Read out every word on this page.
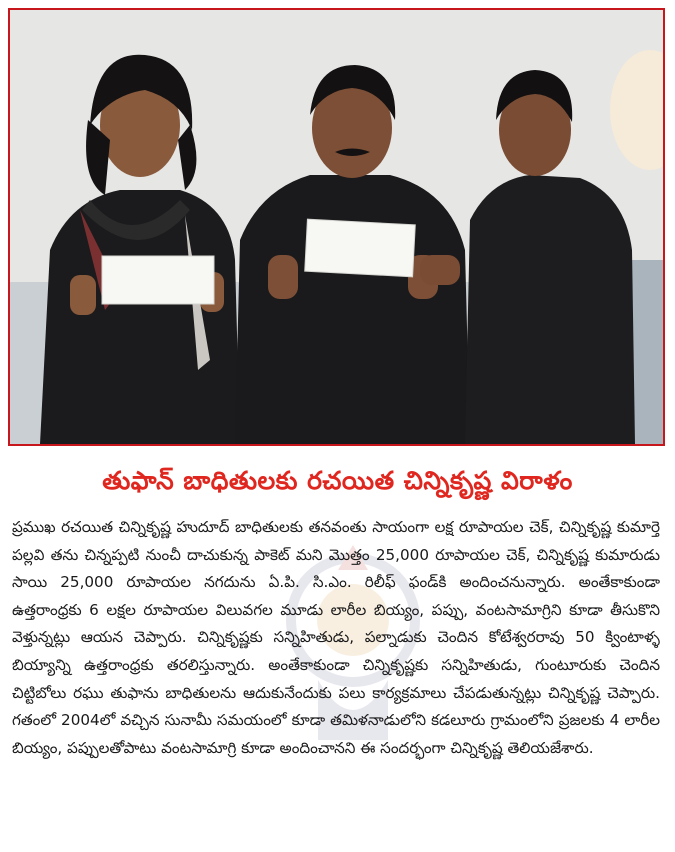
తుఫాన్ బాధితులకు రచయిత చిన్నికృష్ణ విరాళం

ప్రముఖ రచయిత చిన్నికృష్ణ హుదూద్ బాధితులకు తనవంతు సాయంగా లక్ష రూపాయల చెక్, చిన్నికృష్ణ కుమార్తె పల్లవి తను చిన్నప్పటి నుంచీ దాచుకున్న పాకెట్ మని మొత్తం 25,000 రూపాయల చెక్, చిన్నికృష్ణ కుమారుడు సాయి 25,000 రూపాయల నగదును ఏ.పి. సి.ఎం. రిలీఫ్ ఫండ్‌కి అందించనున్నారు. అంతేకాకుండా ఉత్తరాంధ్రకు 6 లక్షల రూపాయల విలువగల మూడు లారీల బియ్యం, పప్పు, వంటసామాగ్రిని కూడా తీసుకొని వెళ్తున్నట్లు ఆయన చెప్పారు. చిన్నికృష్ణకు సన్నిహితుడు, పల్నాడుకు చెందిన కోటేశ్వరరావు 50 క్వింటాళ్ళ బియ్యాన్ని ఉత్తరాంధ్రకు తరలిస్తున్నారు. అంతేకాకుండా చిన్నికృష్ణకు సన్నిహితుడు, గుంటూరుకు చెందిన చిట్టిబోలు రఘు తుఫాను బాధితులను ఆదుకునేందుకు పలు కార్యక్రమాలు చేపడుతున్నట్లు చిన్నికృష్ణ చెప్పారు. గతంలో 2004లో వచ్చిన సునామీ సమయంలో కూడా తమిళనాడులోని కడలూరు గ్రామంలోని ప్రజలకు 4 లారీల బియ్యం, పప్పులతోపాటు వంటసామాగ్రి కూడా అందించానని ఈ సందర్భంగా చిన్నికృష్ణ తెలియజేశారు.
